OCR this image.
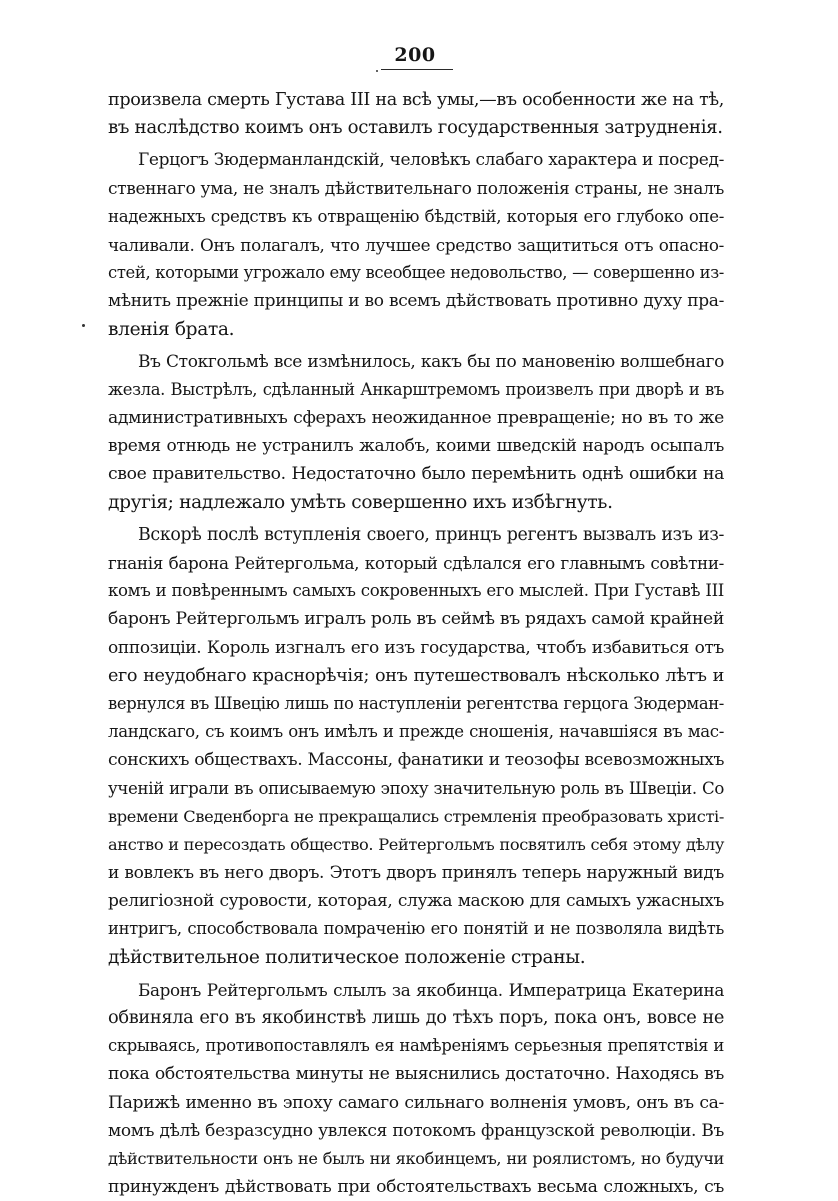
200
произвела смерть Густава III на всѣ умы,—въ особенности же на тѣ,
въ наслѣдство коимъ онъ оставилъ государственныя затрудненія.
Герцогъ Зюдерманландскій, человѣкъ слабаго характера и посред-
ственнаго ума, не зналъ дѣйствительнаго положенія страны, не зналъ
надежныхъ средствъ къ отвращенію бѣдствій, которыя его глубоко опе-
чаливали. Онъ полагалъ, что лучшее средство защититься отъ опасно-
стей, которыми угрожало ему всеобщее недовольство, — совершенно из-
мѣнить прежніе принципы и во всемъ дѣйствовать противно духу пра-
вленія брата.
Въ Стокгольмѣ все измѣнилось, какъ бы по мановенію волшебнаго
жезла. Выстрѣлъ, сдѣланный Анкарштремомъ произвелъ при дворѣ и въ
административныхъ сферахъ неожиданное превращеніе; но въ то же
время отнюдь не устранилъ жалобъ, коими шведскій народъ осыпалъ
свое правительство. Недостаточно было перемѣнить однѣ ошибки на
другія; надлежало умѣть совершенно ихъ избѣгнуть.
Вскорѣ послѣ вступленія своего, принцъ регентъ вызвалъ изъ из-
гнанія барона Рейтергольма, который сдѣлался его главнымъ совѣтни-
комъ и повѣреннымъ самыхъ сокровенныхъ его мыслей. При Густавѣ III
баронъ Рейтергольмъ игралъ роль въ сеймѣ въ рядахъ самой крайней
оппозиціи. Король изгналъ его изъ государства, чтобъ избавиться отъ
его неудобнаго краснорѣчія; онъ путешествовалъ нѣсколько лѣтъ и
вернулся въ Швецію лишь по наступленіи регентства герцога Зюдерман-
ландскаго, съ коимъ онъ имѣлъ и прежде сношенія, начавшіяся въ мас-
сонскихъ обществахъ. Массоны, фанатики и теозофы всевозможныхъ
ученій играли въ описываемую эпоху значительную роль въ Швеціи. Со
времени Сведенборга не прекращались стремленія преобразовать христі-
анство и пересоздать общество. Рейтергольмъ посвятилъ себя этому дѣлу
и вовлекъ въ него дворъ. Этотъ дворъ принялъ теперь наружный видъ
религіозной суровости, которая, служа маскою для самыхъ ужасныхъ
интригъ, способствовала помраченію его понятій и не позволяла видѣть
дѣйствительное политическое положеніе страны.
Баронъ Рейтергольмъ слылъ за якобинца. Императрица Екатерина
обвиняла его въ якобинствѣ лишь до тѣхъ поръ, пока онъ, вовсе не
скрываясь, противопоставлялъ ея намѣреніямъ серьезныя препятствія и
пока обстоятельства минуты не выяснились достаточно. Находясь въ
Парижѣ именно въ эпоху самаго сильнаго волненія умовъ, онъ въ са-
момъ дѣлѣ безразсудно увлекся потокомъ французской революціи. Въ
дѣйствительности онъ не былъ ни якобинцемъ, ни роялистомъ, но будучи
принужденъ дѣйствовать при обстоятельствахъ весьма сложныхъ, съ
